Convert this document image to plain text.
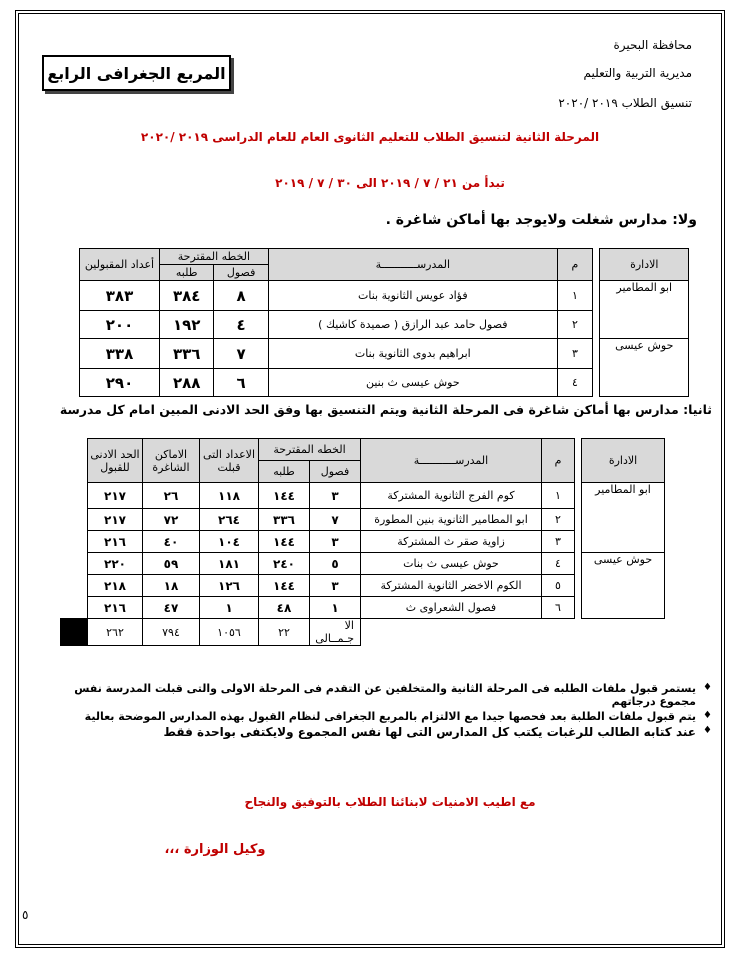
محافظة البحيرة
مديرية التربية والتعليم
تنسيق الطلاب ٢٠١٩ /٢٠٢٠
المربع الجغرافى الرابع
المرحلة الثانية لتنسيق الطلاب للتعليم الثانوى العام للعام الدراسى ٢٠١٩ /٢٠٢٠
تبدأ من ٢١ / ٧ / ٢٠١٩ الى ٣٠ / ٧ / ٢٠١٩
ولا: مدارس شغلت ولايوجد بها أماكن شاغرة .
الادارة		م	المدرســـــــــــة	الخطه المقترحة		أعداد المقبولين
				فصول	طلبه	
ابو المطامير		١	فؤاد عويس الثانوية بنات	٨	٣٨٤	٣٨٣
		٢	فصول حامد عبد الرازق ( صميدة كاشيك )	٤	١٩٢	٢٠٠
حوش عيسى		٣	ابراهيم بدوى الثانوية بنات	٧	٣٣٦	٣٣٨
		٤	حوش عيسى ث بنين	٦	٢٨٨	٢٩٠
ثانيا: مدارس بها أماكن شاغرة فى المرحلة الثانية ويتم التنسيق بها وفق الحد الادنى المبين امام كل مدرسة
الادارة		م	المدرســـــــــــة	الخطه المقترحة		الاعداد التى قبلت	الاماكن الشاغرة	الحد الادنى للقبول	
				فصول	طلبه				
ابو المطامير		١	كوم الفرج الثانوية المشتركة	٣	١٤٤	١١٨	٢٦	٢١٧	
		٢	ابو المطامير الثانوية بنين المطورة	٧	٣٣٦	٢٦٤	٧٢	٢١٧	
		٣	زاوية صقر ث المشتركة	٣	١٤٤	١٠٤	٤٠	٢١٦	
حوش عيسى		٤	حوش عيسى ث بنات	٥	٢٤٠	١٨١	٥٩	٢٢٠	
		٥	الكوم الاخضر الثانوية المشتركة	٣	١٤٤	١٢٦	١٨	٢١٨	
		٦	فصول الشعراوى ث	١	٤٨	١	٤٧	٢١٦	
				الا جـمــالى	٢٢	١٠٥٦	٧٩٤	٢٦٢	
♦ يستمر قبول ملفات الطلبه فى المرحلة الثانية والمتخلفين عن التقدم فى المرحلة الاولى والتى قبلت المدرسة نفس مجموع درجاتهم
♦ يتم قبول ملفات الطلبة بعد فحصها جيدا مع الالتزام بالمربع الجغرافى لنظام القبول بهذه المدارس الموضحة بعالية
♦ عند كتابه الطالب للرغبات يكتب كل المدارس التى لها نفس المجموع ولايكتفى بواحدة فقط
مع اطيب الامنيات لابنائنا الطلاب بالتوفيق والنجاح
وكيل الوزارة ،،،
٥
